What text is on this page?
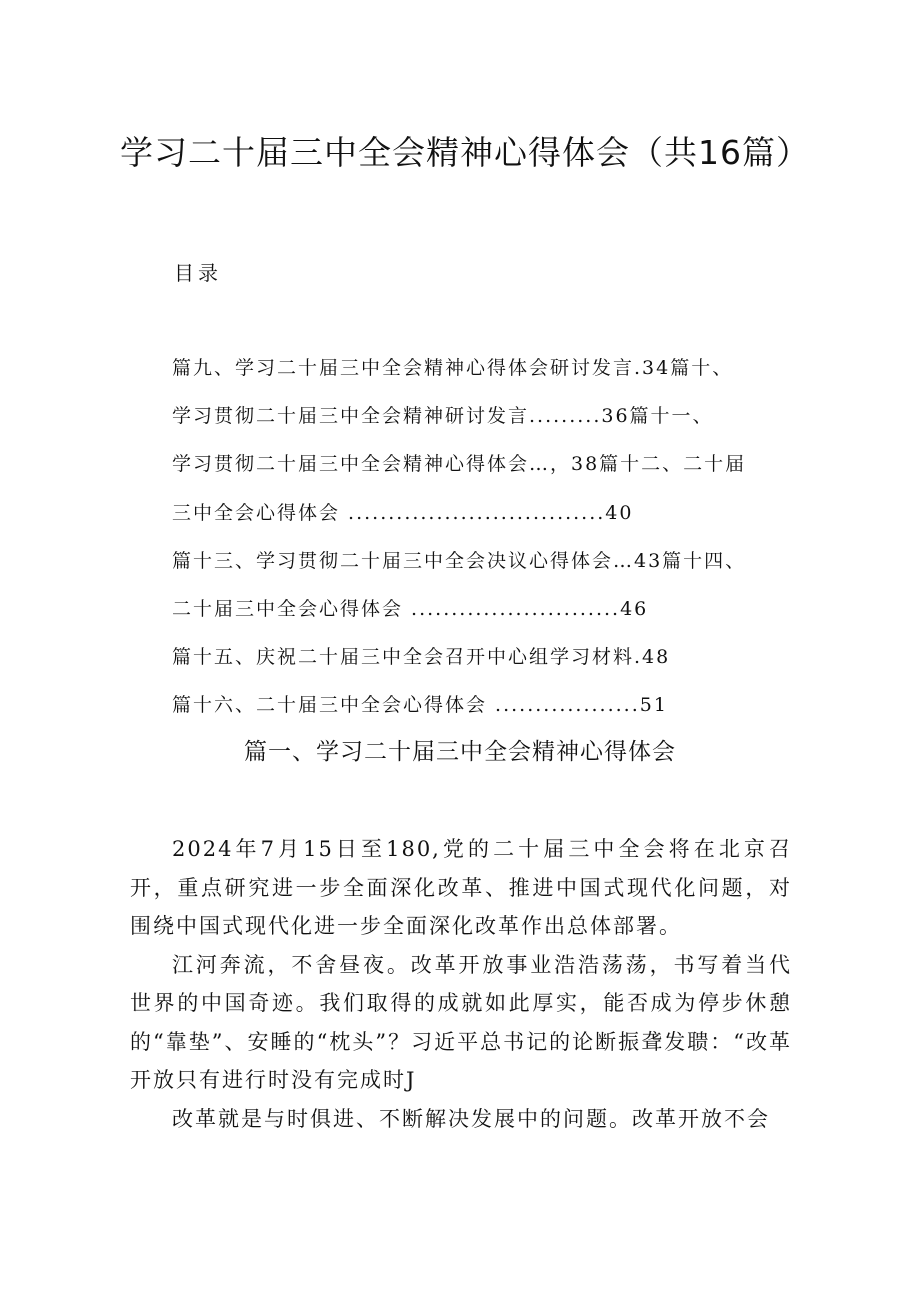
学习二十届三中全会精神心得体会（共16篇）
目录
篇九、学习二十届三中全会精神心得体会研讨发言.34篇十、
学习贯彻二十届三中全会精神研讨发言.........36篇十一、
学习贯彻二十届三中全会精神心得体会…，38篇十二、二十届
三中全会心得体会 ................................40
篇十三、学习贯彻二十届三中全会决议心得体会…43篇十四、
二十届三中全会心得体会 ..........................46
篇十五、庆祝二十届三中全会召开中心组学习材料.48
篇十六、二十届三中全会心得体会 ..................51
篇一、学习二十届三中全会精神心得体会

2024年7月15日至180,党的二十届三中全会将在北京召开，重点研究进一步全面深化改革、推进中国式现代化问题，对围绕中国式现代化进一步全面深化改革作出总体部署。

江河奔流，不舍昼夜。改革开放事业浩浩荡荡，书写着当代世界的中国奇迹。我们取得的成就如此厚实，能否成为停步休憩的“靠垫”、安睡的“枕头”？习近平总书记的论断振聋发聩：“改革开放只有进行时没有完成时J

改革就是与时俱进、不断解决发展中的问题。改革开放不会
